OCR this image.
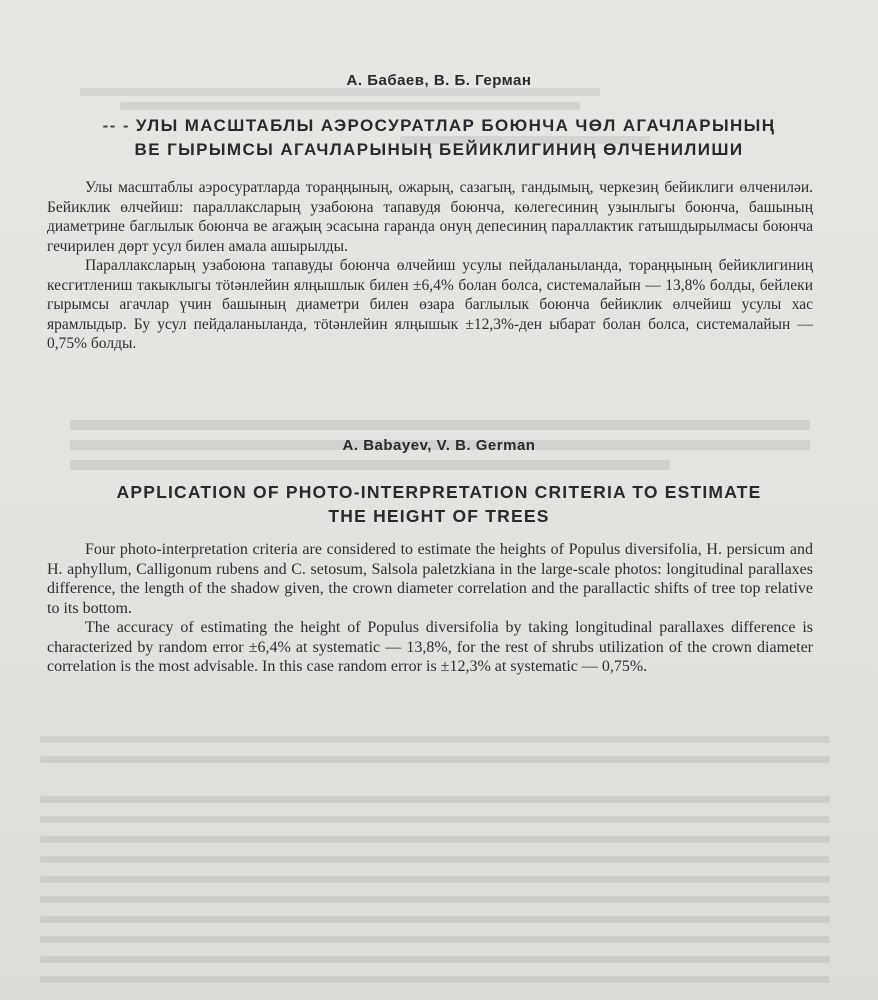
А. Бабаев, В. Б. Герман
-- - УЛЫ МАСШТАБЛЫ АЭРОСУРАТЛАР БОЮНЧА ЧӨЛ АГАЧЛАРЫНЫҢ
ВЕ ГЫРЫМСЫ АГАЧЛАРЫНЫҢ БЕЙИКЛИГИНИҢ ӨЛЧЕНИЛИШИ

Улы масштаблы аэросуратларда тораңңының, ожарың, сазагың, гандымың, черкезиң бейиклиги өлчениләи. Бейиклик өлчейиш: параллаксларың узабоюна тапавудя боюнча, көлегесиниң узынлыгы боюнча, башының диаметрине баглылык боюнча ве агаҗың эсасына гаранда онуң депесиниң параллактик гатышдырылмасы боюнча гечирилен дөрт усул билен амала ашырылды.

Параллаксларың узабоюна тапавуды боюнча өлчейиш усулы пейдаланыланда, тораңңының бейиклигиниң кесгитлениш такыклыгы тötәнлейин ялңышлык билен ±6,4% болан болса, системалайын — 13,8% болды, бейлеки гырымсы агачлар үчин башының диаметри билен өзара баглылык боюнча бейиклик өлчейиш усулы хас ярамлыдыр. Бу усул пейдаланыланда, тötәнлейин ялңышык ±12,3%-ден ыбарат болан болса, системалайын — 0,75% болды.

A. Babayev, V. B. German
APPLICATION OF PHOTO-INTERPRETATION CRITERIA TO ESTIMATE
THE HEIGHT OF TREES

Four photo-interpretation criteria are considered to estimate the heights of Populus diversifolia, H. persicum and H. aphyllum, Calligonum rubens and C. setosum, Salsola paletzkiana in the large-scale photos: longitudinal parallaxes difference, the length of the shadow given, the crown diameter correlation and the parallactic shifts of tree top relative to its bottom.

The accuracy of estimating the height of Populus diversifolia by taking longitudinal parallaxes difference is characterized by random error ±6,4% at systematic — 13,8%, for the rest of shrubs utilization of the crown diameter correlation is the most advisable. In this case random error is ±12,3% at systematic — 0,75%.
